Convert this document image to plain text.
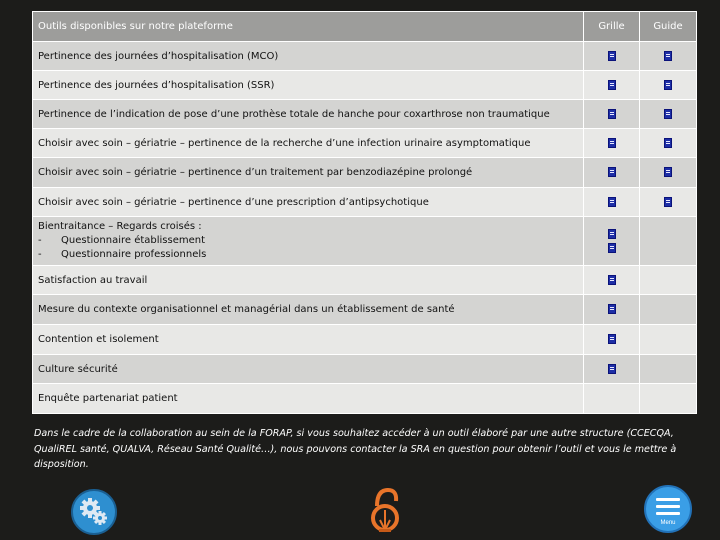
Outils disponibles sur notre plateforme	Grille	Guide
Pertinence des journées d’hospitalisation (MCO)		
Pertinence des journées d’hospitalisation (SSR)		
Pertinence de l’indication de pose d’une prothèse totale de hanche pour coxarthrose non traumatique		
Choisir avec soin – gériatrie – pertinence de la recherche d’une infection urinaire asymptomatique		
Choisir avec soin – gériatrie – pertinence d’un traitement par benzodiazépine prolongé		
Choisir avec soin – gériatrie – pertinence d’une prescription d’antipsychotique		

Bientraitance – Regards croisés :
- Questionnaire établissement
- Questionnaire professionnels		

Satisfaction au travail		
Mesure du contexte organisationnel et managérial dans un établissement de santé		
Contention et isolement		
Culture sécurité		
Enquête partenariat patient		

Dans le cadre de la collaboration au sein de la FORAP, si vous souhaitez accéder à un outil élaboré par une autre structure (CCECQA, QualiREL santé, QUALVA, Réseau Santé Qualité…), nous pouvons contacter la SRA en question pour obtenir l’outil et vous le mettre à disposition.

Menu
